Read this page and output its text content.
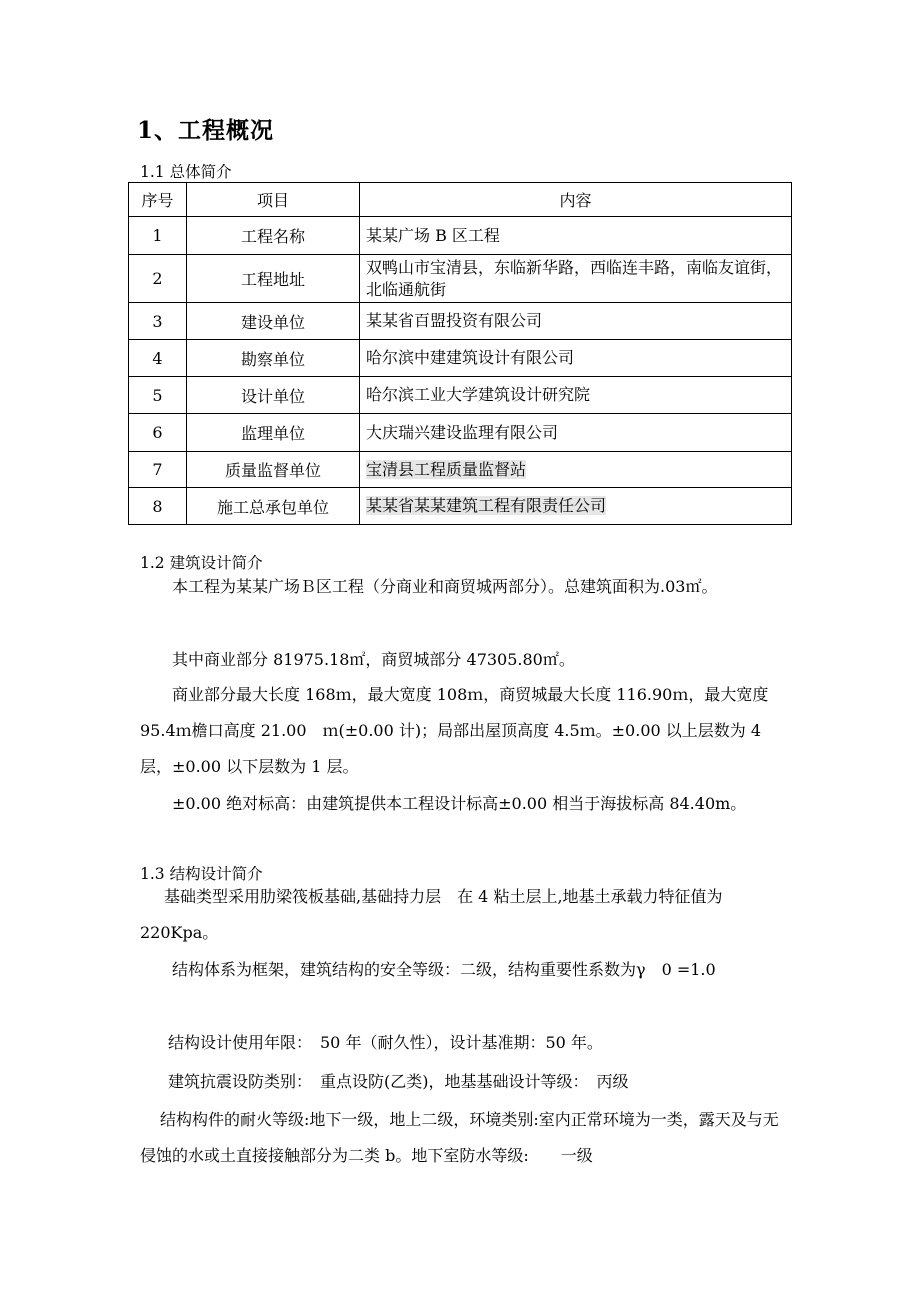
1、工程概况
1.1 总体简介
序号	项目	内容
1	工程名称	某某广场 B 区工程
2	工程地址	双鸭山市宝清县，东临新华路，西临连丰路，南临友谊街，北临通航街
3	建设单位	某某省百盟投资有限公司
4	勘察单位	哈尔滨中建建筑设计有限公司
5	设计单位	哈尔滨工业大学建筑设计研究院
6	监理单位	大庆瑞兴建设监理有限公司
7	质量监督单位	宝清县工程质量监督站
8	施工总承包单位	某某省某某建筑工程有限责任公司
1.2 建筑设计简介
本工程为某某广场Ｂ区工程（分商业和商贸城两部分）。总建筑面积为.03㎡。
其中商业部分 81975.18㎡，商贸城部分 47305.80㎡。
商业部分最大长度 168ｍ，最大宽度 108ｍ，商贸城最大长度 116.90ｍ，最大宽度 95.4ｍ檐口高度 21.00　ｍ(±0.00 计)；局部出屋顶高度 4.5ｍ。±0.00 以上层数为 4 层，±0.00 以下层数为 1 层。
±0.00 绝对标高：由建筑提供本工程设计标高±0.00 相当于海拔标高 84.40m。
1.3 结构设计简介
基础类型采用肋梁筏板基础,基础持力层　在 4 粘土层上,地基土承载力特征值为 220Kpa。
结构体系为框架，建筑结构的安全等级：二级，结构重要性系数为γ　0 =1.0
结构设计使用年限：　50 年（耐久性），设计基准期：50 年。
建筑抗震设防类别：　重点设防(乙类)，地基基础设计等级：　丙级
结构构件的耐火等级:地下一级，地上二级，环境类别:室内正常环境为一类，露天及与无侵蚀的水或土直接接触部分为二类 b。地下室防水等级:　　一级
